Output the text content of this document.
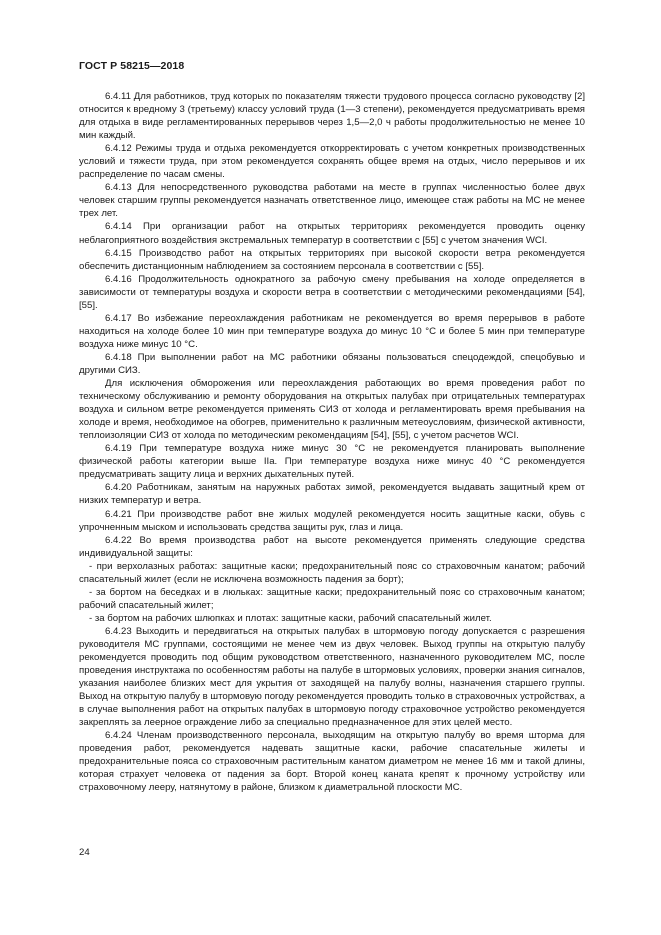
ГОСТ Р 58215—2018

6.4.11 Для работников, труд которых по показателям тяжести трудового процесса согласно руководству [2] относится к вредному 3 (третьему) классу условий труда (1—3 степени), рекомендуется предусматривать время для отдыха в виде регламентированных перерывов через 1,5—2,0 ч работы продолжительностью не менее 10 мин каждый.

6.4.12 Режимы труда и отдыха рекомендуется откорректировать с учетом конкретных производственных условий и тяжести труда, при этом рекомендуется сохранять общее время на отдых, число перерывов и их распределение по часам смены.

6.4.13 Для непосредственного руководства работами на месте в группах численностью более двух человек старшим группы рекомендуется назначать ответственное лицо, имеющее стаж работы на МС не менее трех лет.

6.4.14 При организации работ на открытых территориях рекомендуется проводить оценку неблагоприятного воздействия экстремальных температур в соответствии с [55] с учетом значения WCI.

6.4.15 Производство работ на открытых территориях при высокой скорости ветра рекомендуется обеспечить дистанционным наблюдением за состоянием персонала в соответствии с [55].

6.4.16 Продолжительность однократного за рабочую смену пребывания на холоде определяется в зависимости от температуры воздуха и скорости ветра в соответствии с методическими рекомендациями [54], [55].

6.4.17 Во избежание переохлаждения работникам не рекомендуется во время перерывов в работе находиться на холоде более 10 мин при температуре воздуха до минус 10 °С и более 5 мин при температуре воздуха ниже минус 10 °С.

6.4.18 При выполнении работ на МС работники обязаны пользоваться спецодеждой, спецобувью и другими СИЗ.

Для исключения обморожения или переохлаждения работающих во время проведения работ по техническому обслуживанию и ремонту оборудования на открытых палубах при отрицательных температурах воздуха и сильном ветре рекомендуется применять СИЗ от холода и регламентировать время пребывания на холоде и время, необходимое на обогрев, применительно к различным метеоусловиям, физической активности, теплоизоляции СИЗ от холода по методическим рекомендациям [54], [55], с учетом расчетов WCI.

6.4.19 При температуре воздуха ниже минус 30 °С не рекомендуется планировать выполнение физической работы категории выше IIа. При температуре воздуха ниже минус 40 °С рекомендуется предусматривать защиту лица и верхних дыхательных путей.

6.4.20 Работникам, занятым на наружных работах зимой, рекомендуется выдавать защитный крем от низких температур и ветра.

6.4.21 При производстве работ вне жилых модулей рекомендуется носить защитные каски, обувь с упрочненным мыском и использовать средства защиты рук, глаз и лица.

6.4.22 Во время производства работ на высоте рекомендуется применять следующие средства индивидуальной защиты:

- при верхолазных работах: защитные каски; предохранительный пояс со страховочным канатом; рабочий спасательный жилет (если не исключена возможность падения за борт);

- за бортом на беседках и в люльках: защитные каски; предохранительный пояс со страховочным канатом; рабочий спасательный жилет;

- за бортом на рабочих шлюпках и плотах: защитные каски, рабочий спасательный жилет.

6.4.23 Выходить и передвигаться на открытых палубах в штормовую погоду допускается с разрешения руководителя МС группами, состоящими не менее чем из двух человек. Выход группы на открытую палубу рекомендуется проводить под общим руководством ответственного, назначенного руководителем МС, после проведения инструктажа по особенностям работы на палубе в штормовых условиях, проверки знания сигналов, указания наиболее близких мест для укрытия от заходящей на палубу волны, назначения старшего группы. Выход на открытую палубу в штормовую погоду рекомендуется проводить только в страховочных устройствах, а в случае выполнения работ на открытых палубах в штормовую погоду страховочное устройство рекомендуется закреплять за леерное ограждение либо за специально предназначенное для этих целей место.

6.4.24 Членам производственного персонала, выходящим на открытую палубу во время шторма для проведения работ, рекомендуется надевать защитные каски, рабочие спасательные жилеты и предохранительные пояса со страховочным растительным канатом диаметром не менее 16 мм и такой длины, которая страхует человека от падения за борт. Второй конец каната крепят к прочному устройству или страховочному лееру, натянутому в районе, близком к диаметральной плоскости МС.

24
